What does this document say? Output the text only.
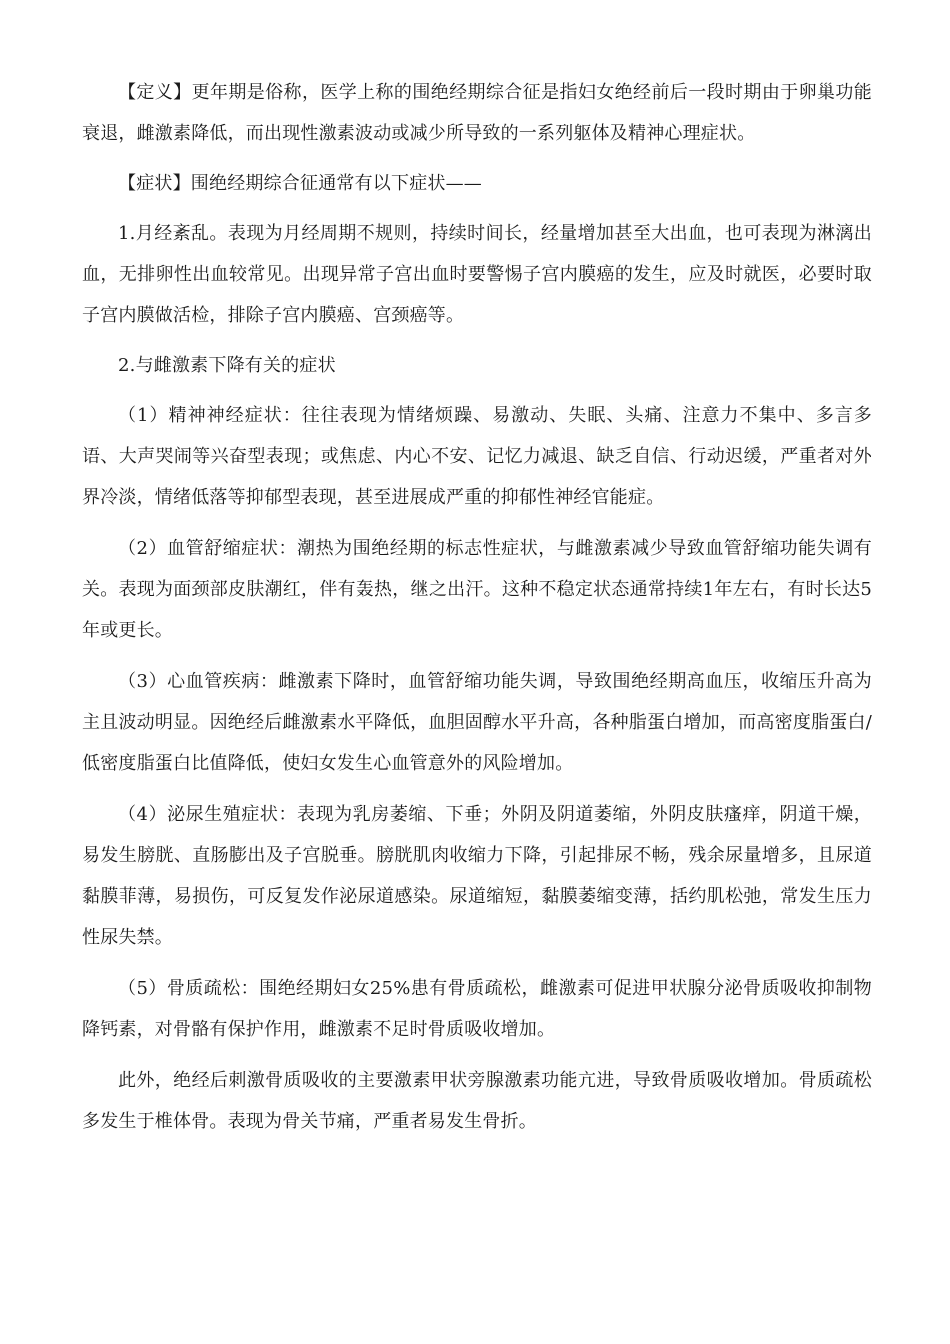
【定义】更年期是俗称，医学上称的围绝经期综合征是指妇女绝经前后一段时期由于卵巢功能衰退，雌激素降低，而出现性激素波动或减少所导致的一系列躯体及精神心理症状。

【症状】围绝经期综合征通常有以下症状——

1.月经紊乱。表现为月经周期不规则，持续时间长，经量增加甚至大出血，也可表现为淋漓出血，无排卵性出血较常见。出现异常子宫出血时要警惕子宫内膜癌的发生，应及时就医，必要时取子宫内膜做活检，排除子宫内膜癌、宫颈癌等。

2.与雌激素下降有关的症状

（1）精神神经症状：往往表现为情绪烦躁、易激动、失眠、头痛、注意力不集中、多言多语、大声哭闹等兴奋型表现；或焦虑、内心不安、记忆力减退、缺乏自信、行动迟缓，严重者对外界冷淡，情绪低落等抑郁型表现，甚至进展成严重的抑郁性神经官能症。

（2）血管舒缩症状：潮热为围绝经期的标志性症状，与雌激素减少导致血管舒缩功能失调有关。表现为面颈部皮肤潮红，伴有轰热，继之出汗。这种不稳定状态通常持续1年左右，有时长达5年或更长。

（3）心血管疾病：雌激素下降时，血管舒缩功能失调，导致围绝经期高血压，收缩压升高为主且波动明显。因绝经后雌激素水平降低，血胆固醇水平升高，各种脂蛋白增加，而高密度脂蛋白/低密度脂蛋白比值降低，使妇女发生心血管意外的风险增加。

（4）泌尿生殖症状：表现为乳房萎缩、下垂；外阴及阴道萎缩，外阴皮肤瘙痒，阴道干燥，易发生膀胱、直肠膨出及子宫脱垂。膀胱肌肉收缩力下降，引起排尿不畅，残余尿量增多，且尿道黏膜菲薄，易损伤，可反复发作泌尿道感染。尿道缩短，黏膜萎缩变薄，括约肌松弛，常发生压力性尿失禁。

（5）骨质疏松：围绝经期妇女25%患有骨质疏松，雌激素可促进甲状腺分泌骨质吸收抑制物降钙素，对骨骼有保护作用，雌激素不足时骨质吸收增加。

此外，绝经后刺激骨质吸收的主要激素甲状旁腺激素功能亢进，导致骨质吸收增加。骨质疏松多发生于椎体骨。表现为骨关节痛，严重者易发生骨折。
